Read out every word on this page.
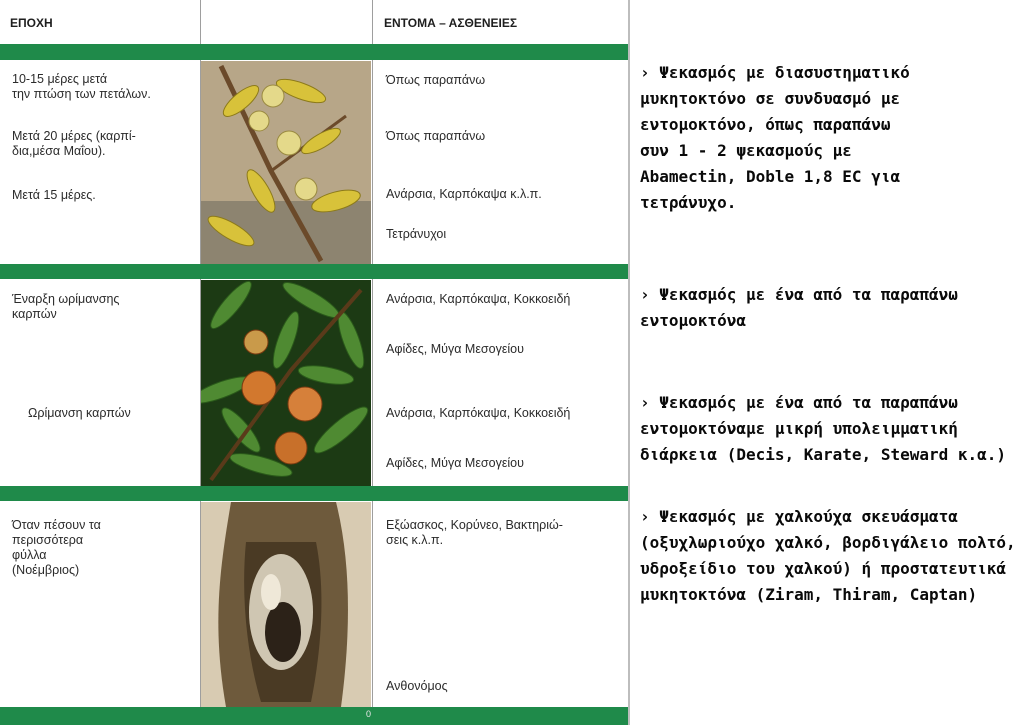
ΕΠΟΧΗ	ΕΝΤΟΜΑ – ΑΣΘΕΝΕΙΕΣ
10-15 μέρες μετά
την πτώση των πετάλων.
Μετά 20 μέρες (καρπί-
δια,μέσα Μαΐου).
Μετά 15 μέρες.
Όπως παραπάνω
Όπως παραπάνω
Ανάρσια, Καρπόκαψα κ.λ.π.
Τετράνυχοι
Έναρξη ωρίμανσης
καρπών
Ωρίμανση καρπών
Ανάρσια, Καρπόκαψα, Κοκκοειδή
Αφίδες, Μύγα Μεσογείου
Ανάρσια, Καρπόκαψα, Κοκκοειδή
Αφίδες, Μύγα Μεσογείου
Όταν πέσουν τα
περισσότερα
φύλλα
(Νοέμβριος)
Εξώασκος, Κορύνεο, Βακτηριώ-
σεις κ.λ.π.
Ανθονόμος
0
› Ψεκασμός με διασυστηματικό
μυκητοκτόνο σε συνδυασμό με
εντομοκτόνο, όπως παραπάνω
συν 1 - 2 ψεκασμούς με
Abamectin, Doble 1,8 EC για
τετράνυχο.
› Ψεκασμός με ένα από τα παραπάνω
εντομοκτόνα
› Ψεκασμός με ένα από τα παραπάνω
εντομοκτόναμε μικρή υπολειμματική
διάρκεια (Decis, Karate, Steward κ.α.)
› Ψεκασμός με χαλκούχα σκευάσματα
(οξυχλωριούχο χαλκό, βορδιγάλειο πολτό,
υδροξείδιο του χαλκού) ή προστατευτικά
μυκητοκτόνα (Ziram, Thiram, Captan)
